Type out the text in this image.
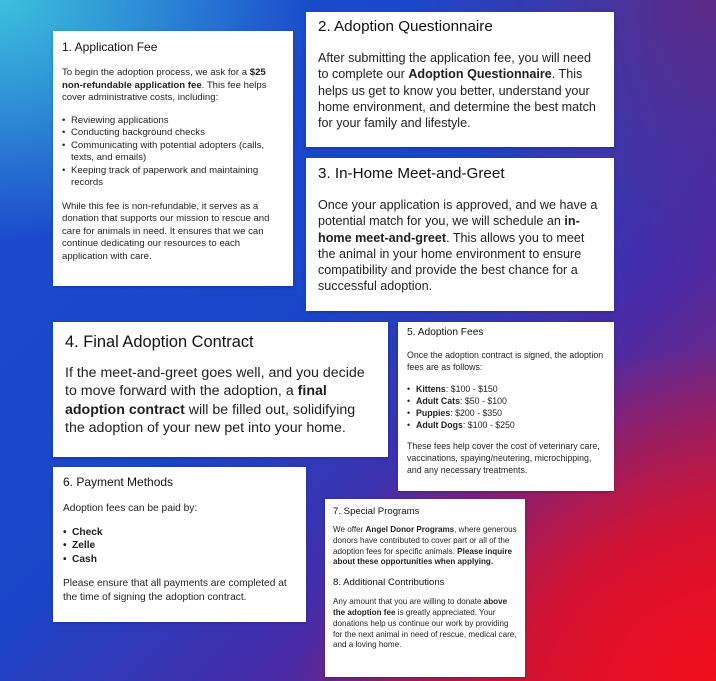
1. Application Fee

To begin the adoption process, we ask for a $25 non-refundable application fee. This fee helps cover administrative costs, including:

• Reviewing applications
• Conducting background checks
• Communicating with potential adopters (calls, texts, and emails)
• Keeping track of paperwork and maintaining records

While this fee is non-refundable, it serves as a donation that supports our mission to rescue and care for animals in need. It ensures that we can continue dedicating our resources to each application with care.

2. Adoption Questionnaire

After submitting the application fee, you will need to complete our Adoption Questionnaire. This helps us get to know you better, understand your home environment, and determine the best match for your family and lifestyle.

3. In-Home Meet-and-Greet

Once your application is approved, and we have a potential match for you, we will schedule an in-home meet-and-greet. This allows you to meet the animal in your home environment to ensure compatibility and provide the best chance for a successful adoption.

4. Final Adoption Contract

If the meet-and-greet goes well, and you decide to move forward with the adoption, a final adoption contract will be filled out, solidifying the adoption of your new pet into your home.

5. Adoption Fees

Once the adoption contract is signed, the adoption fees are as follows:

• Kittens: $100 - $150
• Adult Cats: $50 - $100
• Puppies: $200 - $350
• Adult Dogs: $100 - $250

These fees help cover the cost of veterinary care, vaccinations, spaying/neutering, microchipping, and any necessary treatments.

6. Payment Methods

Adoption fees can be paid by:

• Check
• Zelle
• Cash

Please ensure that all payments are completed at the time of signing the adoption contract.

7. Special Programs

We offer Angel Donor Programs, where generous donors have contributed to cover part or all of the adoption fees for specific animals. Please inquire about these opportunities when applying.

8. Additional Contributions

Any amount that you are willing to donate above the adoption fee is greatly appreciated. Your donations help us continue our work by providing for the next animal in need of rescue, medical care, and a loving home.
